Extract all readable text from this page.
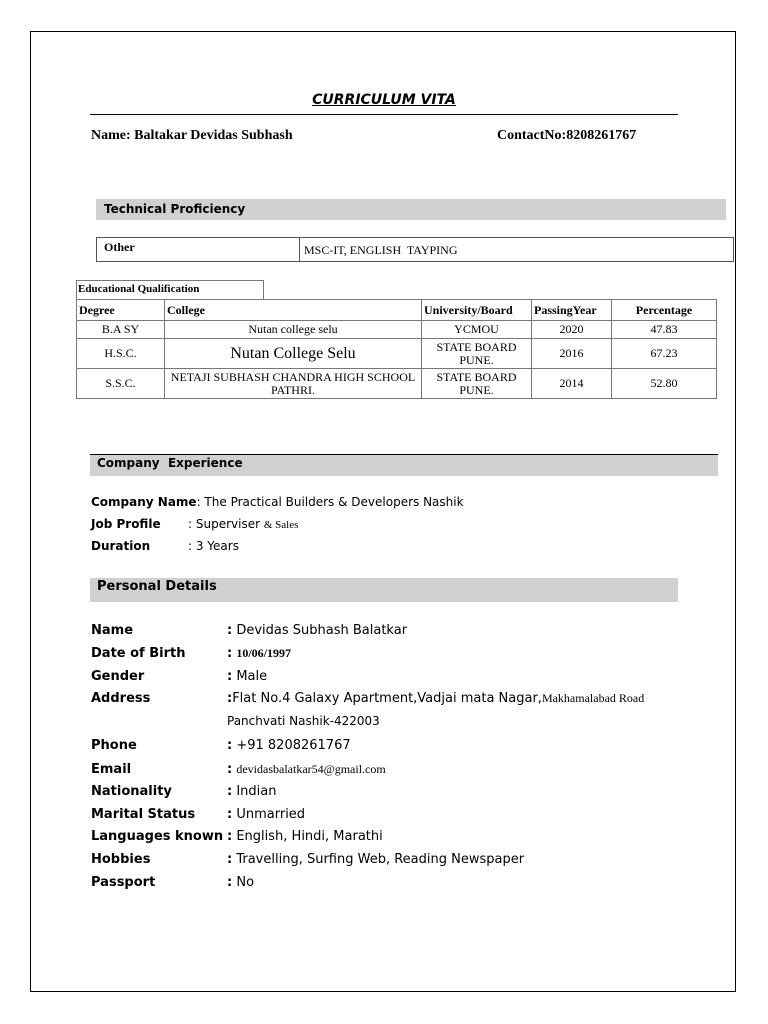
CURRICULUM VITA
Name: Baltakar Devidas Subhash	ContactNo:8208261767
Technical Proficiency
Other	MSC-IT, ENGLISH  TAYPING
Educational Qualification
Degree	College	University/Board	PassingYear	Percentage
B.A SY	Nutan college selu	YCMOU	2020	47.83
H.S.C.	Nutan College Selu	STATE BOARD PUNE.	2016	67.23
S.S.C.	NETAJI SUBHASH CHANDRA HIGH SCHOOL PATHRI.	STATE BOARD PUNE.	2014	52.80
Company  Experience
Company Name: The Practical Builders & Developers Nashik
Job Profile : Superviser & Sales
Duration	: 3 Years
Personal Details
Name	: Devidas Subhash Balatkar
Date of Birth	: 10/06/1997
Gender	: Male
Address	:Flat No.4 Galaxy Apartment,Vadjai mata Nagar,Makhamalabad Road
Panchvati Nashik-422003
Phone	: +91 8208261767
Email	: devidasbalatkar54@gmail.com
Nationality	: Indian
Marital Status : Unmarried
Languages known : English, Hindi, Marathi
Hobbies	: Travelling, Surfing Web, Reading Newspaper
Passport	: No
